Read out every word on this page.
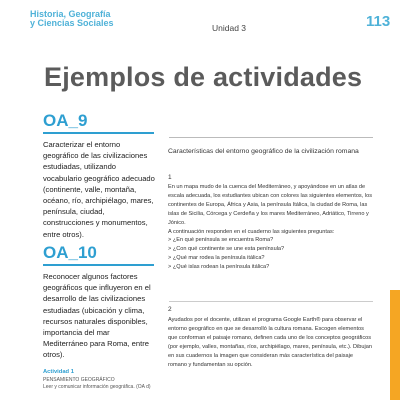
Historia, Geografía
y Ciencias Sociales	Unidad 3	113
Ejemplos de actividades
OA_9

Caracterizar el entorno geográfico de las civilizaciones estudiadas, utilizando vocabulario geográfico adecuado (continente, valle, montaña, océano, río, archipiélago, mares, península, ciudad, construcciones y monumentos, entre otros).

OA_10

Reconocer algunos factores geográficos que influyeron en el desarrollo de las civilizaciones estudiadas (ubicación y clima, recursos naturales disponibles, importancia del mar Mediterráneo para Roma, entre otros).

Actividad 1

PENSAMIENTO GEOGRÁFICO
Leer y comunicar información geográfica. (OA d)

Características del entorno geográfico de la civilización romana

1

En un mapa mudo de la cuenca del Mediterráneo, y apoyándose en un atlas de escala adecuada, los estudiantes ubican con colores las siguientes elementos, los continentes de Europa, África y Asia, la península Itálica, la ciudad de Roma, las islas de Sicilia, Córcega y Cerdeña y los mares Mediterráneo, Adriático, Tirreno y Jónico.

A continuación responden en el cuaderno las siguientes preguntas:

> ¿En qué península se encuentra Roma?

> ¿Con qué continente se une esta península?

> ¿Qué mar rodea la península itálica?

> ¿Qué islas rodean la península itálica?

2

Ayudados por el docente, utilizan el programa Google Earth® para observar el entorno geográfico en que se desarrolló la cultura romana. Escogen elementos que conforman el paisaje romano, definen cada uno de los conceptos geográficos (por ejemplo, valles, montañas, ríos, archipiélago, mares, península, etc.). Dibujan en sus cuadernos la imagen que consideran más característica del paisaje romano y fundamentan su opción.
